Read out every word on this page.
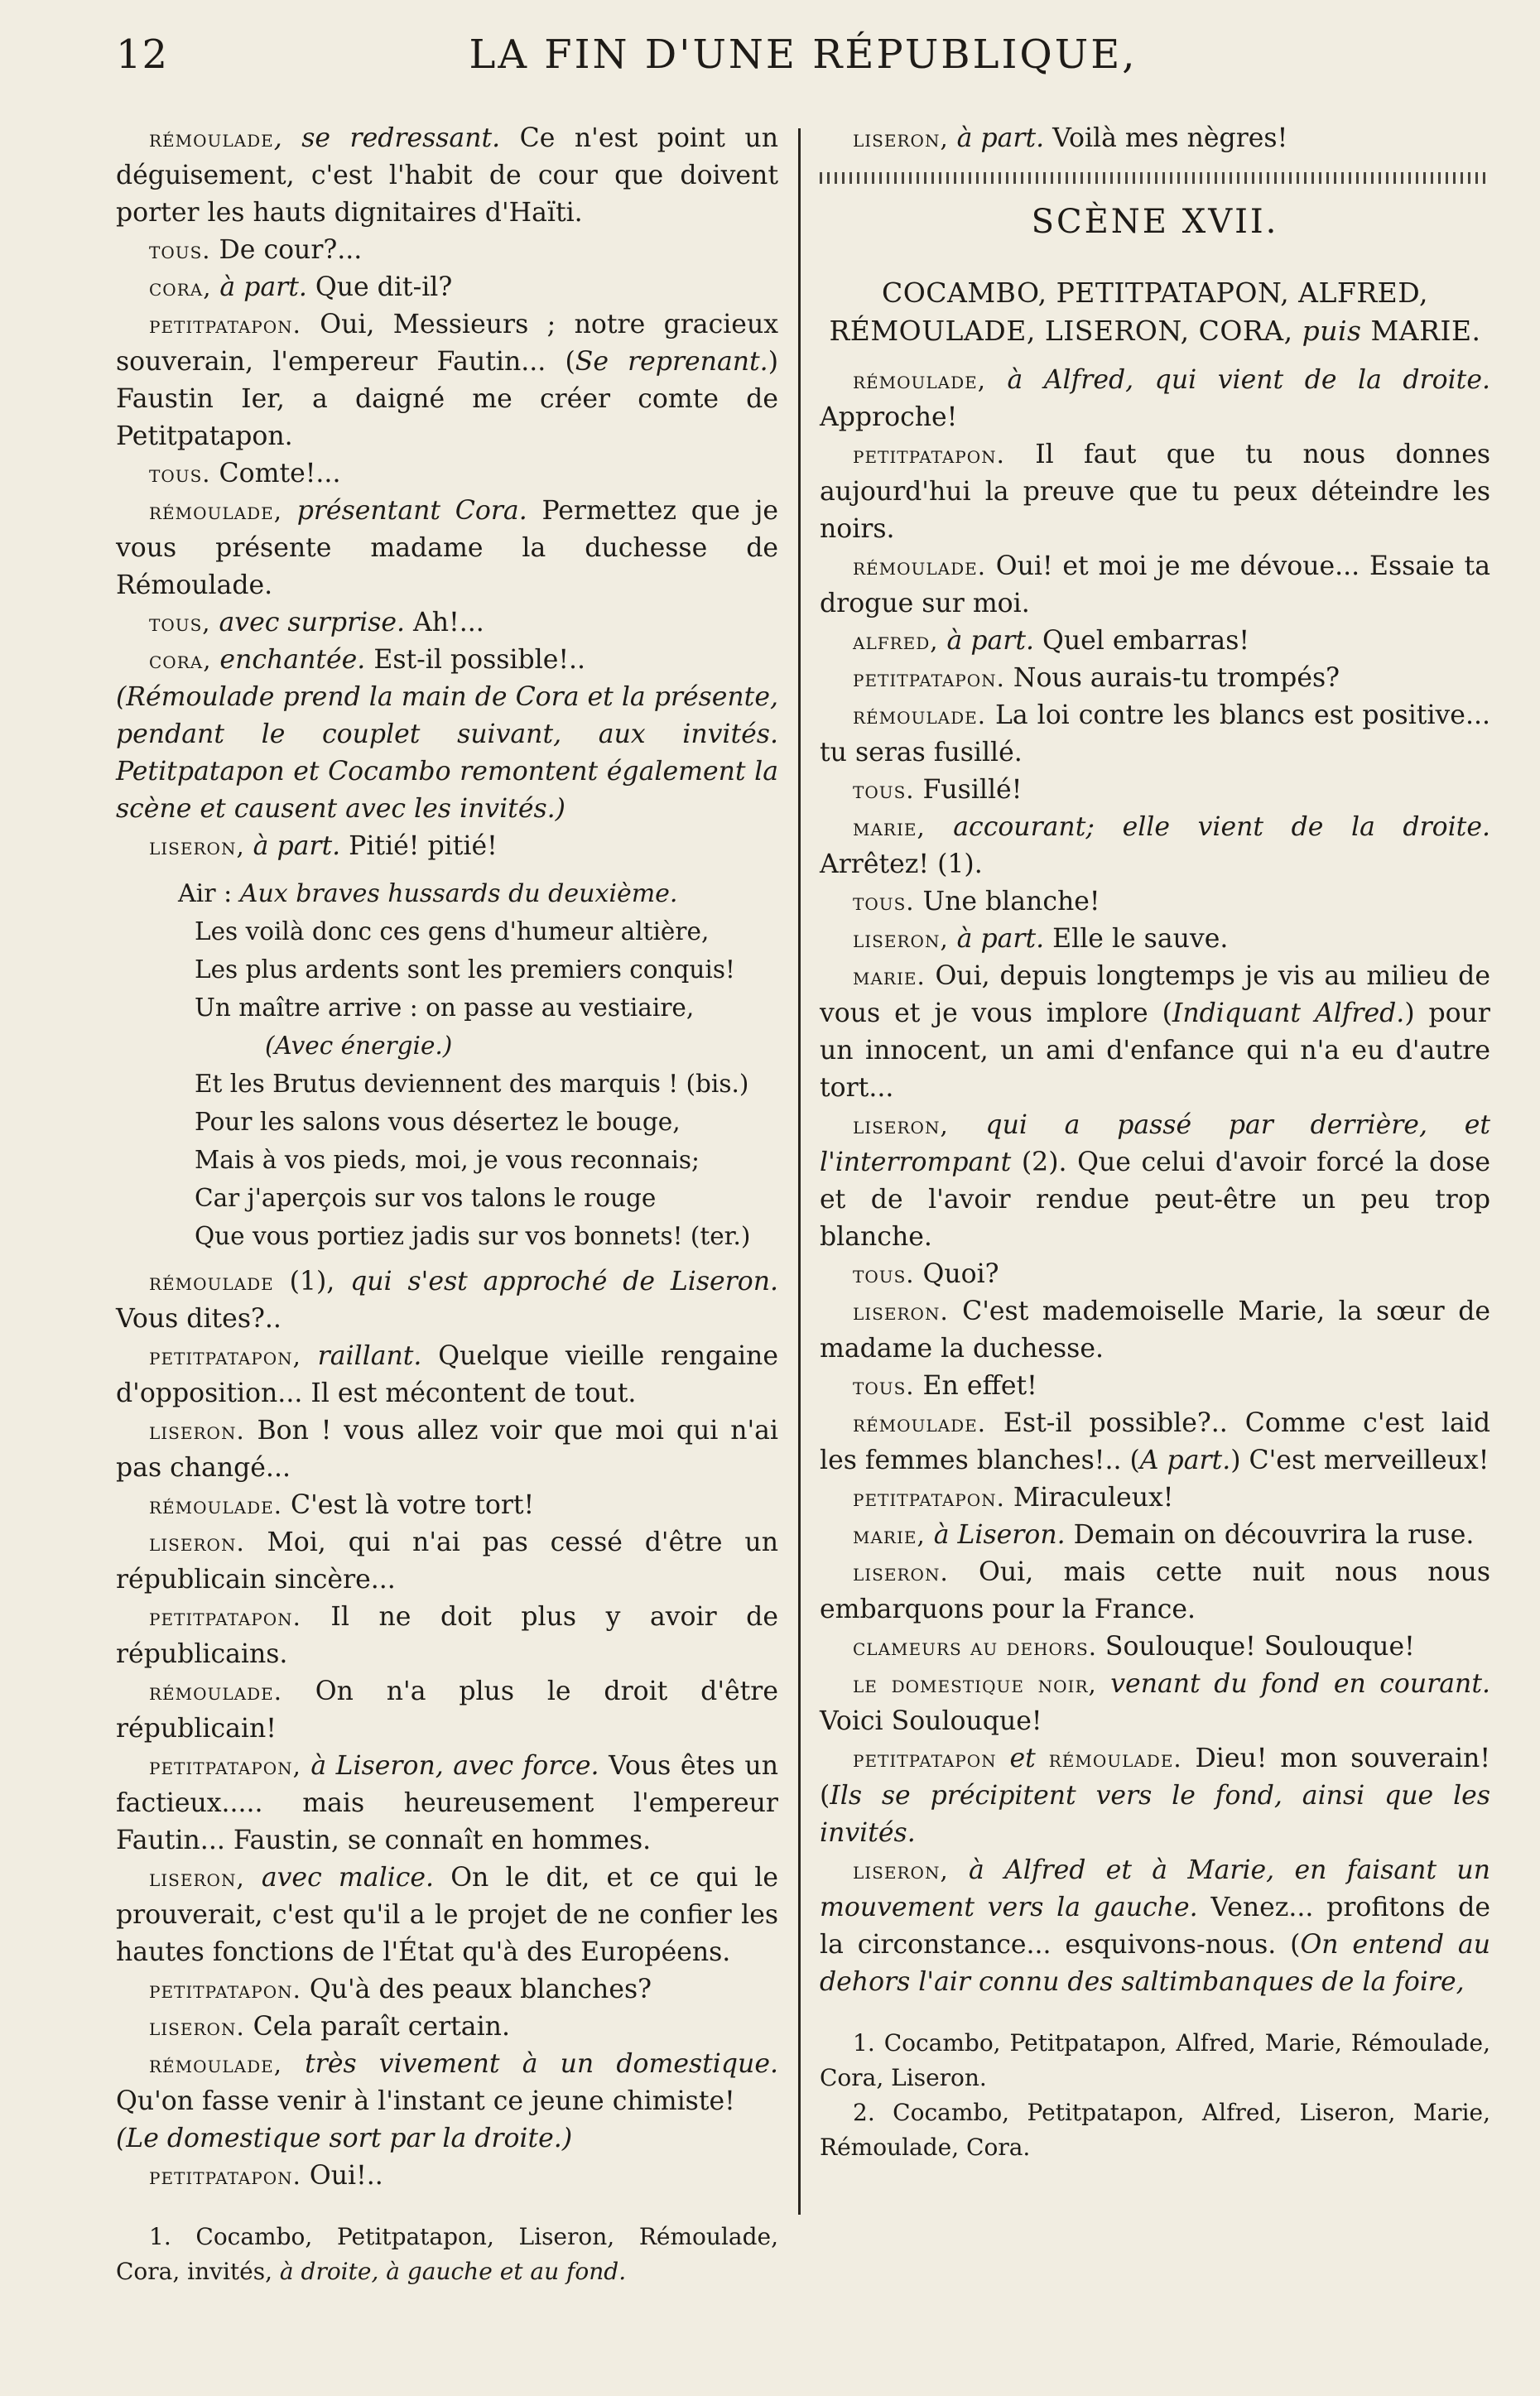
12	LA FIN D'UNE RÉPUBLIQUE,

rémoulade, se redressant. Ce n'est point un déguisement, c'est l'habit de cour que doivent porter les hauts dignitaires d'Haïti.

tous. De cour?...

cora, à part. Que dit-il?

petitpatapon. Oui, Messieurs ; notre gracieux souverain, l'empereur Fautin... (Se reprenant.) Faustin Ier, a daigné me créer comte de Petitpatapon.

tous. Comte!...

rémoulade, présentant Cora. Permettez que je vous présente madame la duchesse de Rémoulade.

tous, avec surprise. Ah!...

cora, enchantée. Est-il possible!..

(Rémoulade prend la main de Cora et la présente, pendant le couplet suivant, aux invités. Petitpatapon et Cocambo remontent également la scène et causent avec les invités.)

liseron, à part. Pitié! pitié!

Air : Aux braves hussards du deuxième.

Les voilà donc ces gens d'humeur altière,

Les plus ardents sont les premiers conquis!

Un maître arrive : on passe au vestiaire,

(Avec énergie.)

Et les Brutus deviennent des marquis ! (bis.)

Pour les salons vous désertez le bouge,

Mais à vos pieds, moi, je vous reconnais;

Car j'aperçois sur vos talons le rouge

Que vous portiez jadis sur vos bonnets! (ter.)

rémoulade (1), qui s'est approché de Liseron. Vous dites?..

petitpatapon, raillant. Quelque vieille rengaine d'opposition... Il est mécontent de tout.

liseron. Bon ! vous allez voir que moi qui n'ai pas changé...

rémoulade. C'est là votre tort!

liseron. Moi, qui n'ai pas cessé d'être un républicain sincère...

petitpatapon. Il ne doit plus y avoir de républicains.

rémoulade. On n'a plus le droit d'être républicain!

petitpatapon, à Liseron, avec force. Vous êtes un factieux..... mais heureusement l'empereur Fautin... Faustin, se connaît en hommes.

liseron, avec malice. On le dit, et ce qui le prouverait, c'est qu'il a le projet de ne confier les hautes fonctions de l'État qu'à des Européens.

petitpatapon. Qu'à des peaux blanches?

liseron. Cela paraît certain.

rémoulade, très vivement à un domestique. Qu'on fasse venir à l'instant ce jeune chimiste!

(Le domestique sort par la droite.)

petitpatapon. Oui!..

1. Cocambo, Petitpatapon, Liseron, Rémoulade, Cora, invités, à droite, à gauche et au fond.

liseron, à part. Voilà mes nègres!

SCÈNE XVII.

COCAMBO, PETITPATAPON, ALFRED, RÉMOULADE, LISERON, CORA, puis MARIE.

rémoulade, à Alfred, qui vient de la droite. Approche!

petitpatapon. Il faut que tu nous donnes aujourd'hui la preuve que tu peux déteindre les noirs.

rémoulade. Oui! et moi je me dévoue... Essaie ta drogue sur moi.

alfred, à part. Quel embarras!

petitpatapon. Nous aurais-tu trompés?

rémoulade. La loi contre les blancs est positive... tu seras fusillé.

tous. Fusillé!

marie, accourant; elle vient de la droite. Arrêtez! (1).

tous. Une blanche!

liseron, à part. Elle le sauve.

marie. Oui, depuis longtemps je vis au milieu de vous et je vous implore (Indiquant Alfred.) pour un innocent, un ami d'enfance qui n'a eu d'autre tort...

liseron, qui a passé par derrière, et l'interrompant (2). Que celui d'avoir forcé la dose et de l'avoir rendue peut-être un peu trop blanche.

tous. Quoi?

liseron. C'est mademoiselle Marie, la sœur de madame la duchesse.

tous. En effet!

rémoulade. Est-il possible?.. Comme c'est laid les femmes blanches!.. (A part.) C'est merveilleux!

petitpatapon. Miraculeux!

marie, à Liseron. Demain on découvrira la ruse.

liseron. Oui, mais cette nuit nous nous embarquons pour la France.

clameurs au dehors. Soulouque! Soulouque!

le domestique noir, venant du fond en courant. Voici Soulouque!

petitpatapon et rémoulade. Dieu! mon souverain! (Ils se précipitent vers le fond, ainsi que les invités.

liseron, à Alfred et à Marie, en faisant un mouvement vers la gauche. Venez... profitons de la circonstance... esquivons-nous. (On entend au dehors l'air connu des saltimbanques de la foire,

1. Cocambo, Petitpatapon, Alfred, Marie, Rémoulade, Cora, Liseron.

2. Cocambo, Petitpatapon, Alfred, Liseron, Marie, Rémoulade, Cora.
